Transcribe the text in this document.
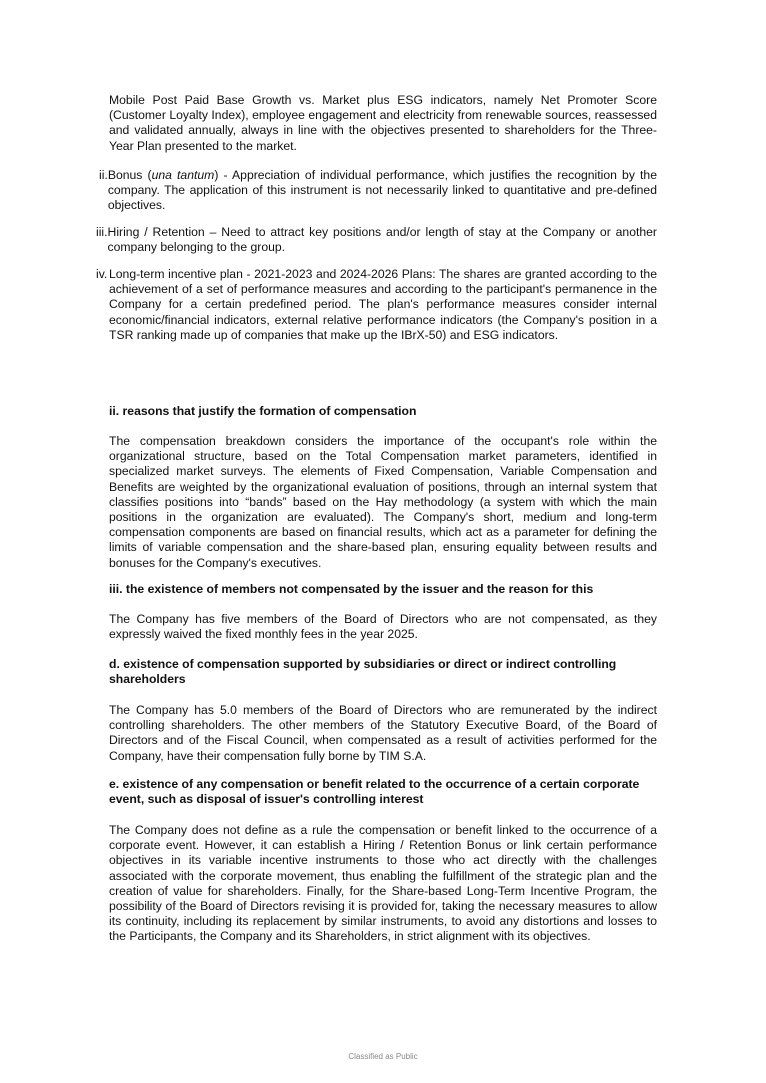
Mobile Post Paid Base Growth vs. Market plus ESG indicators, namely Net Promoter Score (Customer Loyalty Index), employee engagement and electricity from renewable sources, reassessed and validated annually, always in line with the objectives presented to shareholders for the Three-Year Plan presented to the market.

ii. Bonus (una tantum) - Appreciation of individual performance, which justifies the recognition by the company. The application of this instrument is not necessarily linked to quantitative and pre-defined objectives.
iii. Hiring / Retention – Need to attract key positions and/or length of stay at the Company or another company belonging to the group.
iv. Long-term incentive plan - 2021-2023 and 2024-2026 Plans: The shares are granted according to the achievement of a set of performance measures and according to the participant's permanence in the Company for a certain predefined period. The plan's performance measures consider internal economic/financial indicators, external relative performance indicators (the Company's position in a TSR ranking made up of companies that make up the IBrX-50) and ESG indicators.

ii. reasons that justify the formation of compensation

The compensation breakdown considers the importance of the occupant's role within the organizational structure, based on the Total Compensation market parameters, identified in specialized market surveys. The elements of Fixed Compensation, Variable Compensation and Benefits are weighted by the organizational evaluation of positions, through an internal system that classifies positions into “bands” based on the Hay methodology (a system with which the main positions in the organization are evaluated). The Company's short, medium and long-term compensation components are based on financial results, which act as a parameter for defining the limits of variable compensation and the share-based plan, ensuring equality between results and bonuses for the Company's executives.

iii. the existence of members not compensated by the issuer and the reason for this

The Company has five members of the Board of Directors who are not compensated, as they expressly waived the fixed monthly fees in the year 2025.

d. existence of compensation supported by subsidiaries or direct or indirect controlling shareholders

The Company has 5.0 members of the Board of Directors who are remunerated by the indirect controlling shareholders. The other members of the Statutory Executive Board, of the Board of Directors and of the Fiscal Council, when compensated as a result of activities performed for the Company, have their compensation fully borne by TIM S.A.

e. existence of any compensation or benefit related to the occurrence of a certain corporate event, such as disposal of issuer's controlling interest

The Company does not define as a rule the compensation or benefit linked to the occurrence of a corporate event. However, it can establish a Hiring / Retention Bonus or link certain performance objectives in its variable incentive instruments to those who act directly with the challenges associated with the corporate movement, thus enabling the fulfillment of the strategic plan and the creation of value for shareholders. Finally, for the Share-based Long-Term Incentive Program, the possibility of the Board of Directors revising it is provided for, taking the necessary measures to allow its continuity, including its replacement by similar instruments, to avoid any distortions and losses to the Participants, the Company and its Shareholders, in strict alignment with its objectives.

Classified as Public
